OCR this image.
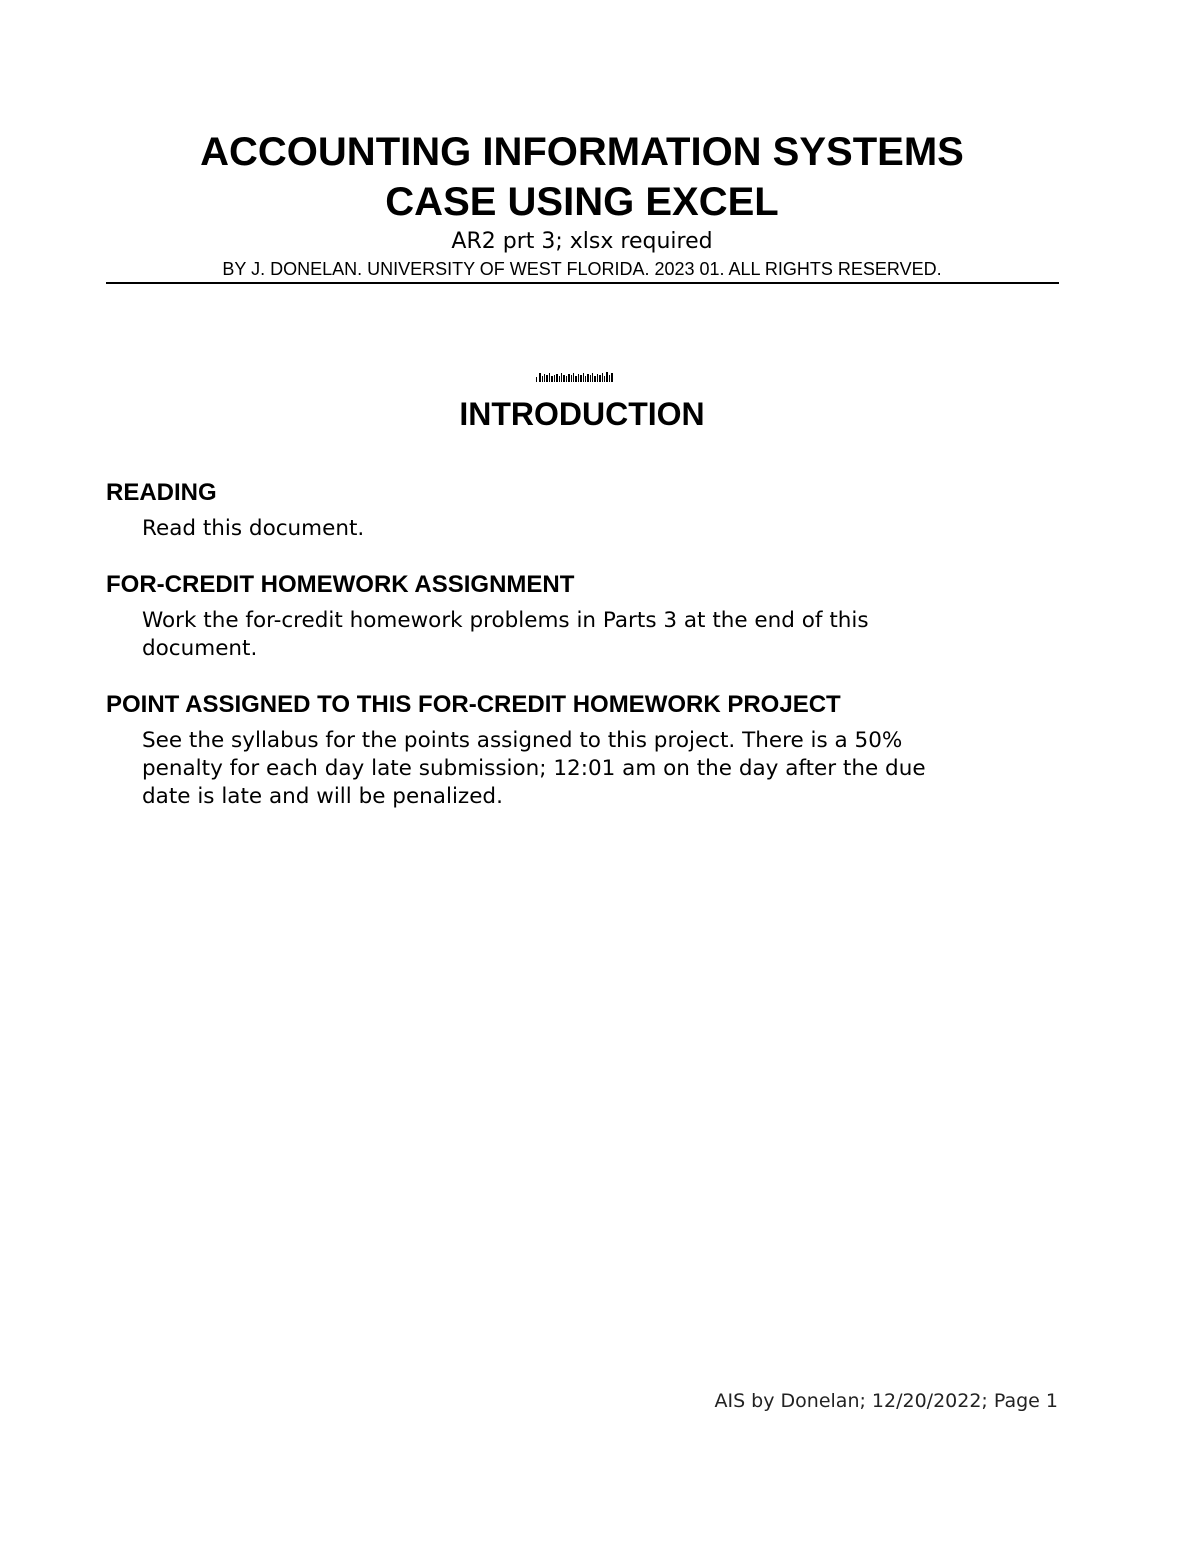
ACCOUNTING INFORMATION SYSTEMS
CASE USING EXCEL

AR2 prt 3; xlsx required

BY J. DONELAN. UNIVERSITY OF WEST FLORIDA. 2023 01. ALL RIGHTS RESERVED.

INTRODUCTION
READING
Read this document.
FOR-CREDIT HOMEWORK ASSIGNMENT
Work the for-credit homework problems in Parts 3 at the end of this
document.
POINT ASSIGNED TO THIS FOR-CREDIT HOMEWORK PROJECT
See the syllabus for the points assigned to this project. There is a 50%
penalty for each day late submission; 12:01 am on the day after the due
date is late and will be penalized.

AIS by Donelan; 12/20/2022; Page 1
